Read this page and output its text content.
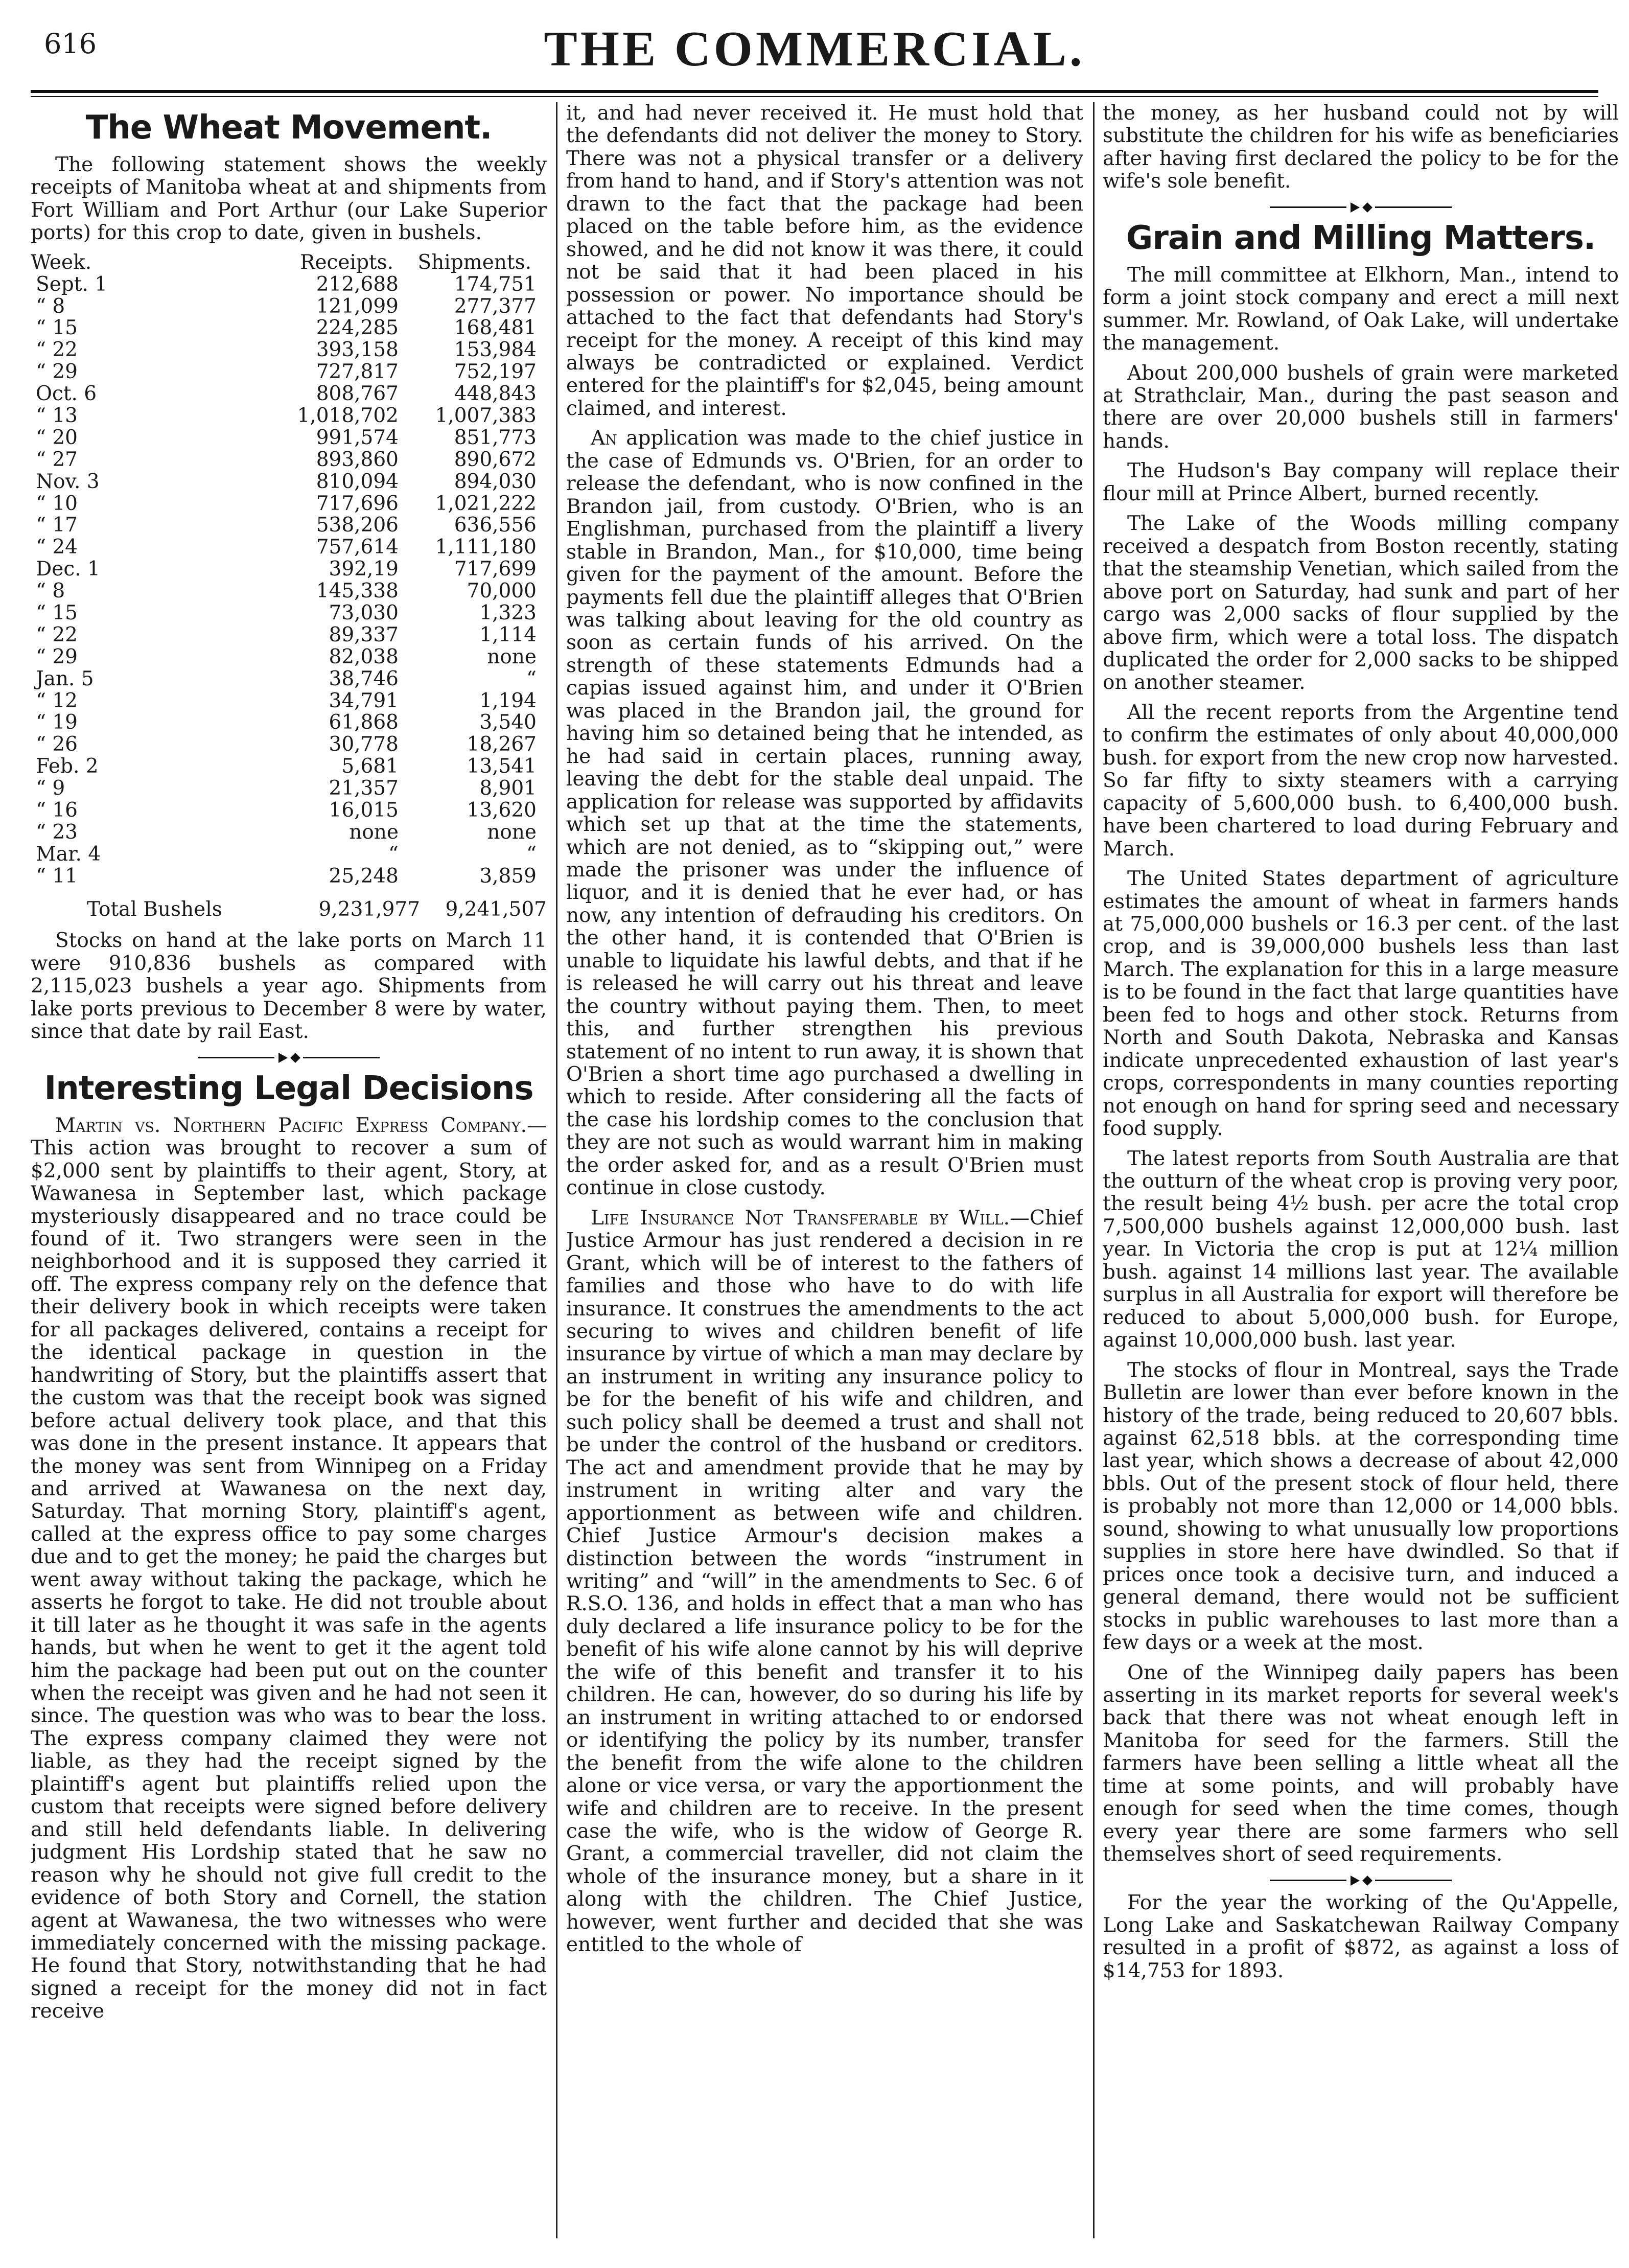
616	THE COMMERCIAL.
The Wheat Movement.

The following statement shows the weekly receipts of Manitoba wheat at and shipments from Fort William and Port Arthur (our Lake Superior ports) for this crop to date, given in bushels.

Week.	Receipts.	Shipments.
Sept. 1	212,688	174,751
“ 8	121,099	277,377
“ 15	224,285	168,481
“ 22	393,158	153,984
“ 29	727,817	752,197
Oct. 6	808,767	448,843
“ 13	1,018,702	1,007,383
“ 20	991,574	851,773
“ 27	893,860	890,672
Nov. 3	810,094	894,030
“ 10	717,696	1,021,222
“ 17	538,206	636,556
“ 24	757,614	1,111,180
Dec. 1	392,19	717,699
“ 8	145,338	70,000
“ 15	73,030	1,323
“ 22	89,337	1,114
“ 29	82,038	none
Jan. 5	38,746	“
“ 12	34,791	1,194
“ 19	61,868	3,540
“ 26	30,778	18,267
Feb. 2	5,681	13,541
“ 9	21,357	8,901
“ 16	16,015	13,620
“ 23	none	none
Mar. 4	“	“
“ 11	25,248	3,859
Total Bushels	9,231,977	9,241,507

Stocks on hand at the lake ports on March 11 were 910,836 bushels as compared with 2,115,023 bushels a year ago. Shipments from lake ports previous to December 8 were by water, since that date by rail East.

Interesting Legal Decisions

Martin vs. Northern Pacific Express Company.—This action was brought to recover a sum of $2,000 sent by plaintiffs to their agent, Story, at Wawanesa in September last, which package mysteriously disappeared and no trace could be found of it. Two strangers were seen in the neighborhood and it is supposed they carried it off. The express company rely on the defence that their delivery book in which receipts were taken for all packages delivered, contains a receipt for the identical package in question in the handwriting of Story, but the plaintiffs assert that the custom was that the receipt book was signed before actual delivery took place, and that this was done in the present instance. It appears that the money was sent from Winnipeg on a Friday and arrived at Wawanesa on the next day, Saturday. That morning Story, plaintiff's agent, called at the express office to pay some charges due and to get the money; he paid the charges but went away without taking the package, which he asserts he forgot to take. He did not trouble about it till later as he thought it was safe in the agents hands, but when he went to get it the agent told him the package had been put out on the counter when the receipt was given and he had not seen it since. The question was who was to bear the loss. The express company claimed they were not liable, as they had the receipt signed by the plaintiff's agent but plaintiffs relied upon the custom that receipts were signed before delivery and still held defendants liable. In delivering judgment His Lordship stated that he saw no reason why he should not give full credit to the evidence of both Story and Cornell, the station agent at Wawanesa, the two witnesses who were immediately concerned with the missing package. He found that Story, notwithstanding that he had signed a receipt for the money did not in fact receive

it, and had never received it. He must hold that the defendants did not deliver the money to Story. There was not a physical transfer or a delivery from hand to hand, and if Story's attention was not drawn to the fact that the package had been placed on the table before him, as the evidence showed, and he did not know it was there, it could not be said that it had been placed in his possession or power. No importance should be attached to the fact that defendants had Story's receipt for the money. A receipt of this kind may always be contradicted or explained. Verdict entered for the plaintiff's for $2,045, being amount claimed, and interest.

An application was made to the chief justice in the case of Edmunds vs. O'Brien, for an order to release the defendant, who is now confined in the Brandon jail, from custody. O'Brien, who is an Englishman, purchased from the plaintiff a livery stable in Brandon, Man., for $10,000, time being given for the payment of the amount. Before the payments fell due the plaintiff alleges that O'Brien was talking about leaving for the old country as soon as certain funds of his arrived. On the strength of these statements Edmunds had a capias issued against him, and under it O'Brien was placed in the Brandon jail, the ground for having him so detained being that he intended, as he had said in certain places, running away, leaving the debt for the stable deal unpaid. The application for release was supported by affidavits which set up that at the time the statements, which are not denied, as to “skipping out,” were made the prisoner was under the influence of liquor, and it is denied that he ever had, or has now, any intention of defrauding his creditors. On the other hand, it is contended that O'Brien is unable to liquidate his lawful debts, and that if he is released he will carry out his threat and leave the country without paying them. Then, to meet this, and further strengthen his previous statement of no intent to run away, it is shown that O'Brien a short time ago purchased a dwelling in which to reside. After considering all the facts of the case his lordship comes to the conclusion that they are not such as would warrant him in making the order asked for, and as a result O'Brien must continue in close custody.

Life Insurance Not Transferable by Will.—Chief Justice Armour has just rendered a decision in re Grant, which will be of interest to the fathers of families and those who have to do with life insurance. It construes the amendments to the act securing to wives and children benefit of life insurance by virtue of which a man may declare by an instrument in writing any insurance policy to be for the benefit of his wife and children, and such policy shall be deemed a trust and shall not be under the control of the husband or creditors. The act and amendment provide that he may by instrument in writing alter and vary the apportionment as between wife and children. Chief Justice Armour's decision makes a distinction between the words “instrument in writing” and “will” in the amendments to Sec. 6 of R.S.O. 136, and holds in effect that a man who has duly declared a life insurance policy to be for the benefit of his wife alone cannot by his will deprive the wife of this benefit and transfer it to his children. He can, however, do so during his life by an instrument in writing attached to or endorsed or identifying the policy by its number, transfer the benefit from the wife alone to the children alone or vice versa, or vary the apportionment the wife and children are to receive. In the present case the wife, who is the widow of George R. Grant, a commercial traveller, did not claim the whole of the insurance money, but a share in it along with the children. The Chief Justice, however, went further and decided that she was entitled to the whole of

the money, as her husband could not by will substitute the children for his wife as beneficiaries after having first declared the policy to be for the wife's sole benefit.

Grain and Milling Matters.

The mill committee at Elkhorn, Man., intend to form a joint stock company and erect a mill next summer. Mr. Rowland, of Oak Lake, will undertake the management.

About 200,000 bushels of grain were marketed at Strathclair, Man., during the past season and there are over 20,000 bushels still in farmers' hands.

The Hudson's Bay company will replace their flour mill at Prince Albert, burned recently.

The Lake of the Woods milling company received a despatch from Boston recently, stating that the steamship Venetian, which sailed from the above port on Saturday, had sunk and part of her cargo was 2,000 sacks of flour supplied by the above firm, which were a total loss. The dispatch duplicated the order for 2,000 sacks to be shipped on another steamer.

All the recent reports from the Argentine tend to confirm the estimates of only about 40,000,000 bush. for export from the new crop now harvested. So far fifty to sixty steamers with a carrying capacity of 5,600,000 bush. to 6,400,000 bush. have been chartered to load during February and March.

The United States department of agriculture estimates the amount of wheat in farmers hands at 75,000,000 bushels or 16.3 per cent. of the last crop, and is 39,000,000 bushels less than last March. The explanation for this in a large measure is to be found in the fact that large quantities have been fed to hogs and other stock. Returns from North and South Dakota, Nebraska and Kansas indicate unprecedented exhaustion of last year's crops, correspondents in many counties reporting not enough on hand for spring seed and necessary food supply.

The latest reports from South Australia are that the outturn of the wheat crop is proving very poor, the result being 4½ bush. per acre the total crop 7,500,000 bushels against 12,000,000 bush. last year. In Victoria the crop is put at 12¼ million bush. against 14 millions last year. The available surplus in all Australia for export will therefore be reduced to about 5,000,000 bush. for Europe, against 10,000,000 bush. last year.

The stocks of flour in Montreal, says the Trade Bulletin are lower than ever before known in the history of the trade, being reduced to 20,607 bbls. against 62,518 bbls. at the corresponding time last year, which shows a decrease of about 42,000 bbls. Out of the present stock of flour held, there is probably not more than 12,000 or 14,000 bbls. sound, showing to what unusually low proportions supplies in store here have dwindled. So that if prices once took a decisive turn, and induced a general demand, there would not be sufficient stocks in public warehouses to last more than a few days or a week at the most.

One of the Winnipeg daily papers has been asserting in its market reports for several week's back that there was not wheat enough left in Manitoba for seed for the farmers. Still the farmers have been selling a little wheat all the time at some points, and will probably have enough for seed when the time comes, though every year there are some farmers who sell themselves short of seed requirements.

For the year the working of the Qu'Appelle, Long Lake and Saskatchewan Railway Company resulted in a profit of $872, as against a loss of $14,753 for 1893.
